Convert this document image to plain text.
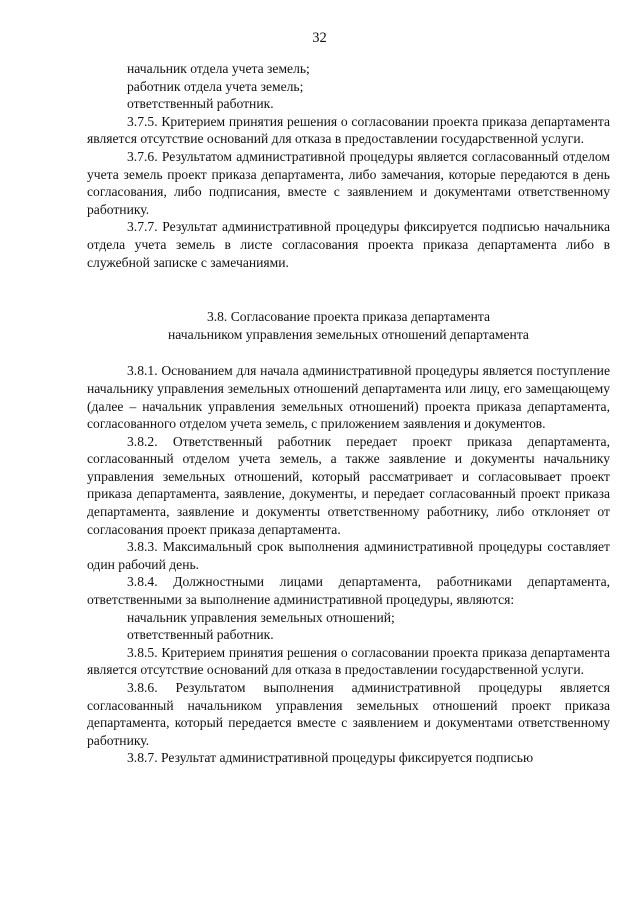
32
начальник отдела учета земель;
работник отдела учета земель;
ответственный работник.

3.7.5. Критерием принятия решения о согласовании проекта приказа департамента является отсутствие оснований для отказа в предоставлении государственной услуги.

3.7.6. Результатом административной процедуры является согласованный отделом учета земель проект приказа департамента, либо замечания, которые передаются в день согласования, либо подписания, вместе с заявлением и документами ответственному работнику.

3.7.7. Результат административной процедуры фиксируется подписью начальника отдела учета земель в листе согласования проекта приказа департамента либо в служебной записке с замечаниями.

3.8. Согласование проекта приказа департамента
начальником управления земельных отношений департамента

3.8.1. Основанием для начала административной процедуры является поступление начальнику управления земельных отношений департамента или лицу, его замещающему (далее – начальник управления земельных отношений) проекта приказа департамента, согласованного отделом учета земель, с приложением заявления и документов.

3.8.2. Ответственный работник передает проект приказа департамента, согласованный отделом учета земель, а также заявление и документы начальнику управления земельных отношений, который рассматривает и согласовывает проект приказа департамента, заявление, документы, и передает согласованный проект приказа департамента, заявление и документы ответственному работнику, либо отклоняет от согласования проект приказа департамента.

3.8.3. Максимальный срок выполнения административной процедуры составляет один рабочий день.

3.8.4. Должностными лицами департамента, работниками департамента, ответственными за выполнение административной процедуры, являются:

начальник управления земельных отношений;
ответственный работник.

3.8.5. Критерием принятия решения о согласовании проекта приказа департамента является отсутствие оснований для отказа в предоставлении государственной услуги.

3.8.6. Результатом выполнения административной процедуры является согласованный начальником управления земельных отношений проект приказа департамента, который передается вместе с заявлением и документами ответственному работнику.

3.8.7. Результат административной процедуры фиксируется подписью
